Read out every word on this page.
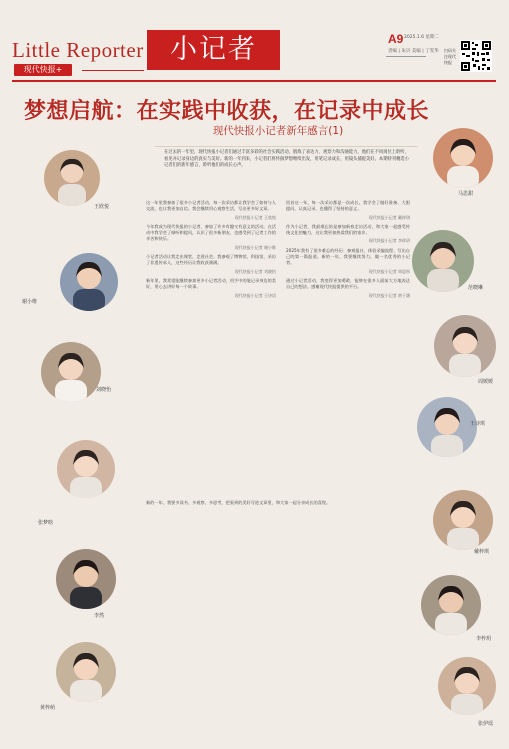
Little Reporter
现代快报+
小记者	A9 2025.1.6 星期二
责编 | 朱贝 美编 | 丁雯华 扫码关注现代快报
梦想启航：在实践中收获，在记录中成长
现代快报小记者新年感言(1)
在过去的一年里，现代快报小记者们通过丰富多彩的社会实践活动，锻炼了表达力、观察力和沟通能力，他们在不同岗位上聆听、看见并记录身边的真实与美好。新的一年到来，小记者们将怀揣梦想继续出发，用笔记录成长，用镜头捕捉美好。本期特刊精选小记者们的新年感言，聆听他们的成长心声。
王欣悦
谢小维
刘晓怡
张梦晗
李然
黄梓萌
马思甜
范晓琳
周媛媛
王诗琪
戴梓琪
李梓玥
张伊瑶

这一年里我参加了很多小记者活动，每一次采访都让我学会了如何与人交流，也让我更加自信。我会继续用心观察生活，写出更多好文章。

现代快报小记者 王欣悦

今年我成为现代快报的小记者，参加了许多有趣又有意义的活动。在活动中我学会了倾听和提问，认识了很多新朋友，也感受到了记者工作的辛苦和快乐。

现代快报小记者 谢小维

小记者活动让我走出课堂，走进社会。我参观了博物馆、科技馆，采访了非遗传承人，这些经历让我收获满满。

现代快报小记者 刘晓怡

新年里，我希望能继续参加更多小记者活动，用手中的笔记录身边的美好，用心去讲好每一个故事。

现代快报小记者 王诗语

回首这一年，每一次采访都是一次成长。我学会了做好准备、大胆提问、认真记录，也懂得了坚持的意义。

现代快报小记者 戴梓琪

作为小记者，我最难忘的是参加新春走访活动，和大家一起感受传统文化的魅力，这让我更加热爱我们的家乡。

现代快报小记者 李梓玥

2025年我有了很多难忘的经历：参观报社、体验采编流程、写出自己的第一篇报道。新的一年，我要继续努力，做一名优秀的小记者。

现代快报小记者 周思彤

通过小记者活动，我变得更加勇敢，能够在很多人面前大方地表达自己的想法。感谢现代快报提供的平台。

现代快报小记者 黄子涵

新的一年，我要多读书、多观察、多思考，把看到的美好写进文章里，和大家一起分享成长的喜悦。
